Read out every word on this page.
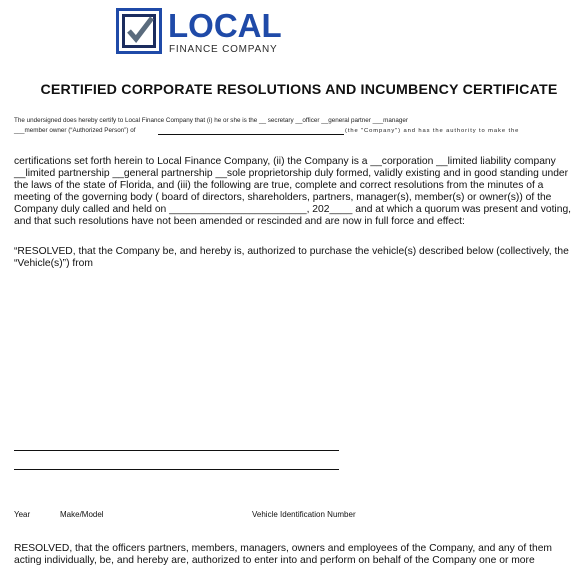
LOCAL
FINANCE COMPANY
CERTIFIED CORPORATE RESOLUTIONS AND INCUMBENCY CERTIFICATE
The undersigned does hereby certify to Local Finance Company that (i) he or she is the __ secretary __officer __general partner ___manager
___member owner (“Authorized Person”) of	(the "Company") and has the authority to make the

certifications set forth herein to Local Finance Company, (ii) the Company is a __corporation __limited liability company __limited partnership __general partnership __sole proprietorship duly formed, validly existing and in good standing under the laws of the state of Florida, and (iii) the following are true, complete and correct resolutions from the minutes of a meeting of the governing body ( board of directors, shareholders, partners, manager(s), member(s) or owner(s)) of the Company duly called and held on ________________________, 202____ and at which a quorum was present and voting, and that such resolutions have not been amended or rescinded and are now in full force and effect:

“RESOLVED, that the Company be, and hereby is, authorized to purchase the vehicle(s) described below (collectively, the “Vehicle(s)”) from

Year	Make/Model	Vehicle Identification Number

RESOLVED, that the officers partners, members, managers, owners and employees of the Company, and any of them acting individually, be, and hereby are, authorized to enter into and perform on behalf of the Company one or more
